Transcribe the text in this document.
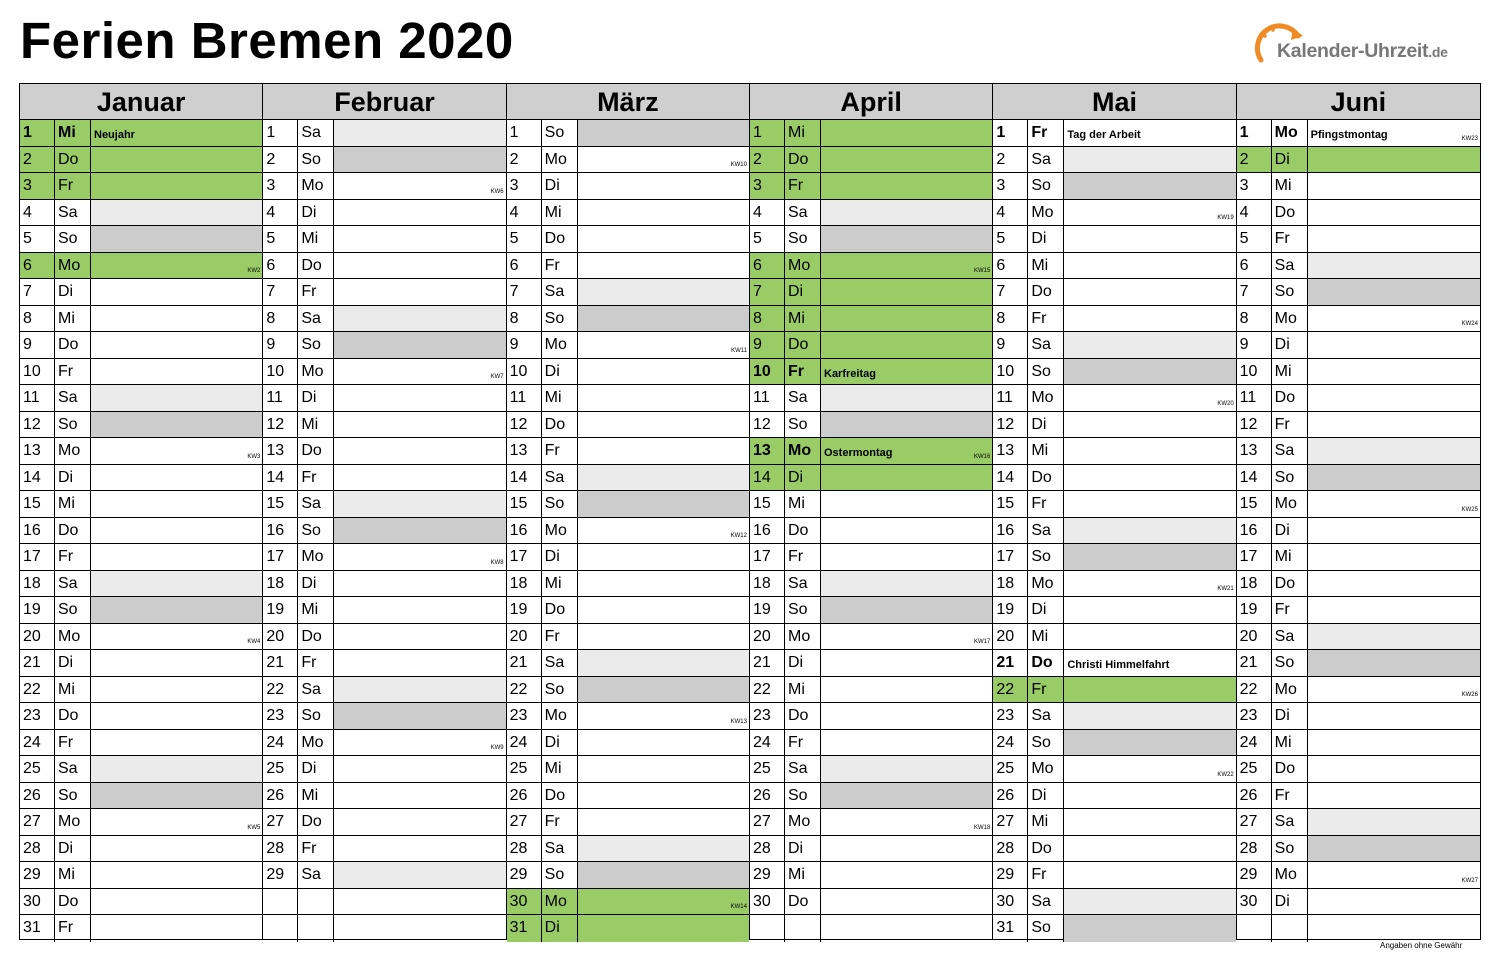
Ferien Bremen 2020	Kalender-Uhrzeit.de
Januar
1	Mi	Neujahr
2	Do
3	Fr
4	Sa
5	So
6	Mo	KW2
7	Di
8	Mi
9	Do
10	Fr
11	Sa
12	So
13	Mo	KW3
14	Di
15	Mi
16	Do
17	Fr
18	Sa
19	So
20	Mo	KW4
21	Di
22	Mi
23	Do
24	Fr
25	Sa
26	So
27	Mo	KW5
28	Di
29	Mi
30	Do
31	Fr
Februar
1	Sa
2	So
3	Mo	KW6
4	Di
5	Mi
6	Do
7	Fr
8	Sa
9	So
10	Mo	KW7
11	Di
12	Mi
13	Do
14	Fr
15	Sa
16	So
17	Mo	KW8
18	Di
19	Mi
20	Do
21	Fr
22	Sa
23	So
24	Mo	KW9
25	Di
26	Mi
27	Do
28	Fr
29	Sa
März
1	So
2	Mo	KW10
3	Di
4	Mi
5	Do
6	Fr
7	Sa
8	So
9	Mo	KW11
10	Di
11	Mi
12	Do
13	Fr
14	Sa
15	So
16	Mo	KW12
17	Di
18	Mi
19	Do
20	Fr
21	Sa
22	So
23	Mo	KW13
24	Di
25	Mi
26	Do
27	Fr
28	Sa
29	So
30	Mo	KW14
31	Di
April
1	Mi
2	Do
3	Fr
4	Sa
5	So
6	Mo	KW15
7	Di
8	Mi
9	Do
10	Fr	Karfreitag
11	Sa
12	So
13	Mo	Ostermontag	KW16
14	Di
15	Mi
16	Do
17	Fr
18	Sa
19	So
20	Mo	KW17
21	Di
22	Mi
23	Do
24	Fr
25	Sa
26	So
27	Mo	KW18
28	Di
29	Mi
30	Do
Mai
1	Fr	Tag der Arbeit
2	Sa
3	So
4	Mo	KW19
5	Di
6	Mi
7	Do
8	Fr
9	Sa
10	So
11	Mo	KW20
12	Di
13	Mi
14	Do
15	Fr
16	Sa
17	So
18	Mo	KW21
19	Di
20	Mi
21	Do	Christi Himmelfahrt
22	Fr
23	Sa
24	So
25	Mo	KW22
26	Di
27	Mi
28	Do
29	Fr
30	Sa
31	So
Juni
1	Mo	Pfingstmontag	KW23
2	Di
3	Mi
4	Do
5	Fr
6	Sa
7	So
8	Mo	KW24
9	Di
10	Mi
11	Do
12	Fr
13	Sa
14	So
15	Mo	KW25
16	Di
17	Mi
18	Do
19	Fr
20	Sa
21	So
22	Mo	KW26
23	Di
24	Mi
25	Do
26	Fr
27	Sa
28	So
29	Mo	KW27
30	Di
Angaben ohne Gewähr
